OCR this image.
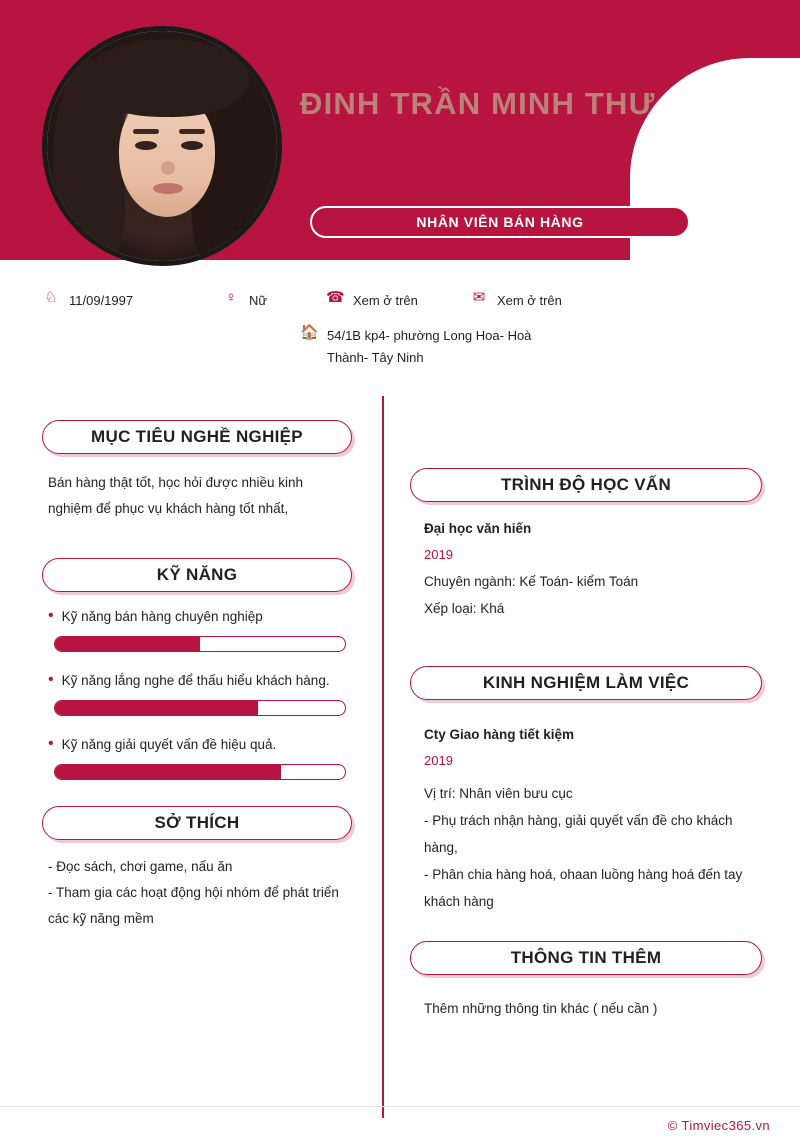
ĐINH TRẦN MINH THƯ
NHÂN VIÊN BÁN HÀNG
♘ 11/09/1997	♀ Nữ	☎ Xem ở trên	✉ Xem ở trên
🏠 54/1B kp4- phường Long Hoa- Hoà Thành- Tây Ninh
MỤC TIÊU NGHỀ NGHIỆP
Bán hàng thật tốt, học hỏi được nhiều kinh nghiệm để phục vụ khách hàng tốt nhất,
KỸ NĂNG
• Kỹ năng bán hàng chuyên nghiệp
• Kỹ năng lắng nghe để thấu hiểu khách hàng.
• Kỹ năng giải quyết vấn đề hiệu quả.
SỞ THÍCH
- Đọc sách, chơi game, nấu ăn
- Tham gia các hoạt động hội nhóm để phát triển các kỹ năng mềm
TRÌNH ĐỘ HỌC VẤN
Đại học văn hiến
2019
Chuyên ngành: Kế Toán- kiểm Toán
Xếp loại: Khá
KINH NGHIỆM LÀM VIỆC
Cty Giao hàng tiết kiệm
2019
Vị trí: Nhân viên bưu cục
- Phụ trách nhận hàng, giải quyết vấn đề cho khách hàng,
- Phân chia hàng hoá, ohaan luồng hàng hoá đến tay khách hàng
THÔNG TIN THÊM
Thêm những thông tin khác ( nếu cần )
© Timviec365.vn
